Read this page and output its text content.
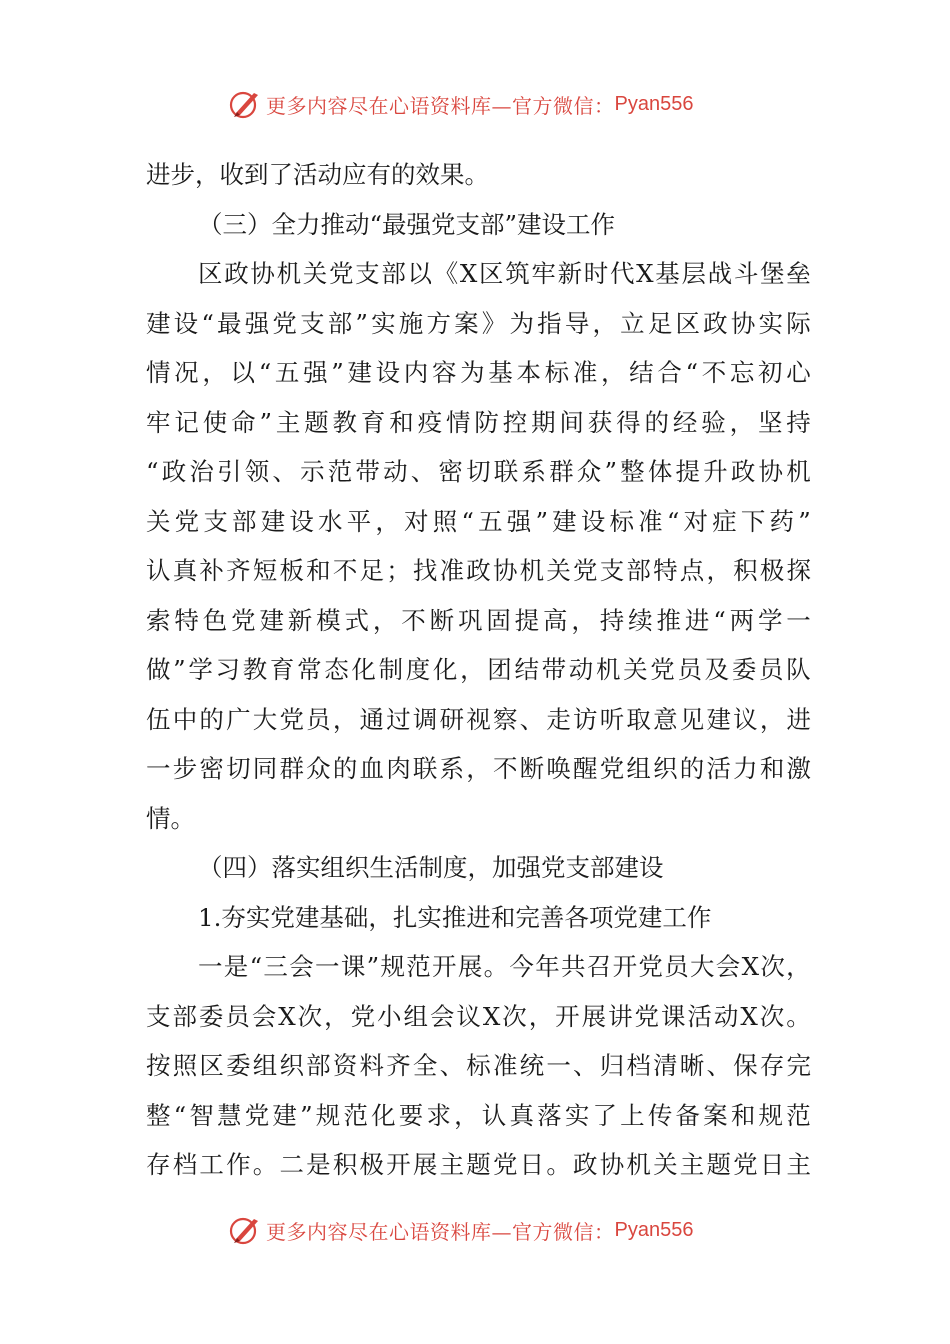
更多内容尽在心语资料库—官方微信： Pyan556
进步，收到了活动应有的效果。
（三）全力推动“最强党支部”建设工作
区 政 协 机 关 党 支 部 以 《 X 区 筑 牢 新 时 代 X 基 层 战 斗 堡 垒
建 设 “ 最 强 党 支 部 ” 实 施 方 案 》 为 指 导 ， 立 足 区 政 协 实 际
情 况 ， 以 “ 五 强 ” 建 设 内 容 为 基 本 标 准 ， 结 合 “ 不 忘 初 心
牢 记 使 命 ” 主 题 教 育 和 疫 情 防 控 期 间 获 得 的 经 验 ， 坚 持
“ 政 治 引 领 、 示 范 带 动 、 密 切 联 系 群 众 ” 整 体 提 升 政 协 机
关 党 支 部 建 设 水 平 ， 对 照 “ 五 强 ” 建 设 标 准 “ 对 症 下 药 ”
认 真 补 齐 短 板 和 不 足 ； 找 准 政 协 机 关 党 支 部 特 点 ， 积 极 探
索 特 色 党 建 新 模 式 ， 不 断 巩 固 提 高 ， 持 续 推 进 “ 两 学 一
做 ” 学 习 教 育 常 态 化 制 度 化 ， 团 结 带 动 机 关 党 员 及 委 员 队
伍 中 的 广 大 党 员 ， 通 过 调 研 视 察 、 走 访 听 取 意 见 建 议 ， 进
一 步 密 切 同 群 众 的 血 肉 联 系 ， 不 断 唤 醒 党 组 织 的 活 力 和 激
情。
（四）落实组织生活制度，加强党支部建设
1.夯实党建基础，扎实推进和完善各项党建工作
一 是 “ 三 会 一 课 ” 规 范 开 展 。 今 年 共 召 开 党 员 大 会 X 次 ，
支 部 委 员 会 X 次 ， 党 小 组 会 议 X 次 ， 开 展 讲 党 课 活 动 X 次 。
按 照 区 委 组 织 部 资 料 齐 全 、 标 准 统 一 、 归 档 清 晰 、 保 存 完
整 “ 智 慧 党 建 ” 规 范 化 要 求 ， 认 真 落 实 了 上 传 备 案 和 规 范
存 档 工 作 。 二 是 积 极 开 展 主 题 党 日 。 政 协 机 关 主 题 党 日 主
更多内容尽在心语资料库—官方微信： Pyan556
